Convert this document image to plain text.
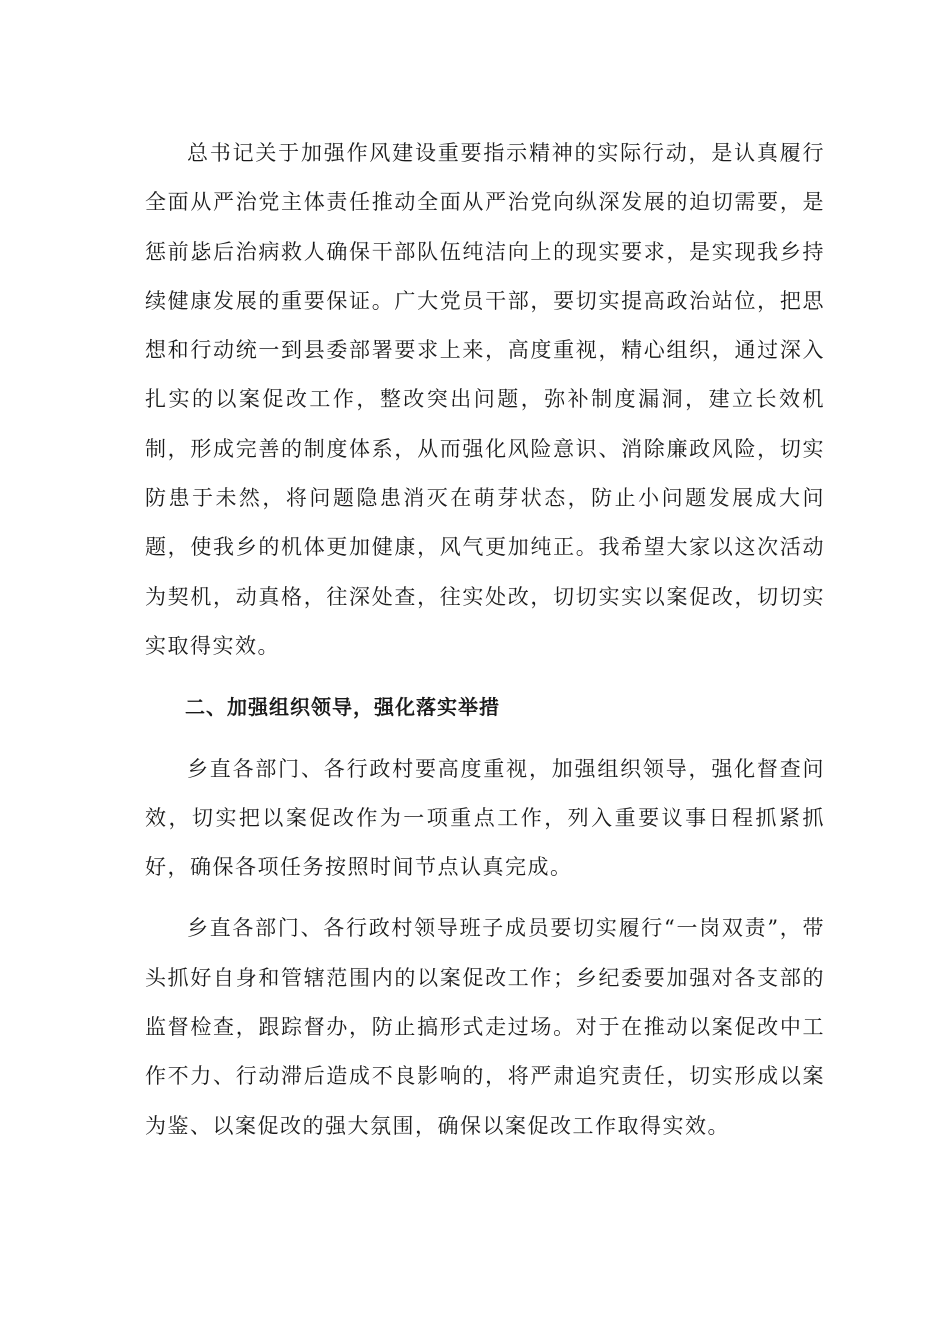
总书记关于加强作风建设重要指示精神的实际行动，是认真履行全面从严治党主体责任推动全面从严治党向纵深发展的迫切需要，是惩前毖后治病救人确保干部队伍纯洁向上的现实要求，是实现我乡持续健康发展的重要保证。广大党员干部，要切实提高政治站位，把思想和行动统一到县委部署要求上来，高度重视，精心组织，通过深入扎实的以案促改工作，整改突出问题，弥补制度漏洞，建立长效机制，形成完善的制度体系，从而强化风险意识、消除廉政风险，切实防患于未然，将问题隐患消灭在萌芽状态，防止小问题发展成大问题，使我乡的机体更加健康，风气更加纯正。我希望大家以这次活动为契机，动真格，往深处查，往实处改，切切实实以案促改，切切实实取得实效。

二、加强组织领导，强化落实举措

乡直各部门、各行政村要高度重视，加强组织领导，强化督查问效，切实把以案促改作为一项重点工作，列入重要议事日程抓紧抓好，确保各项任务按照时间节点认真完成。

乡直各部门、各行政村领导班子成员要切实履行“一岗双责”，带头抓好自身和管辖范围内的以案促改工作；乡纪委要加强对各支部的监督检查，跟踪督办，防止搞形式走过场。对于在推动以案促改中工作不力、行动滞后造成不良影响的，将严肃追究责任，切实形成以案为鉴、以案促改的强大氛围，确保以案促改工作取得实效。
